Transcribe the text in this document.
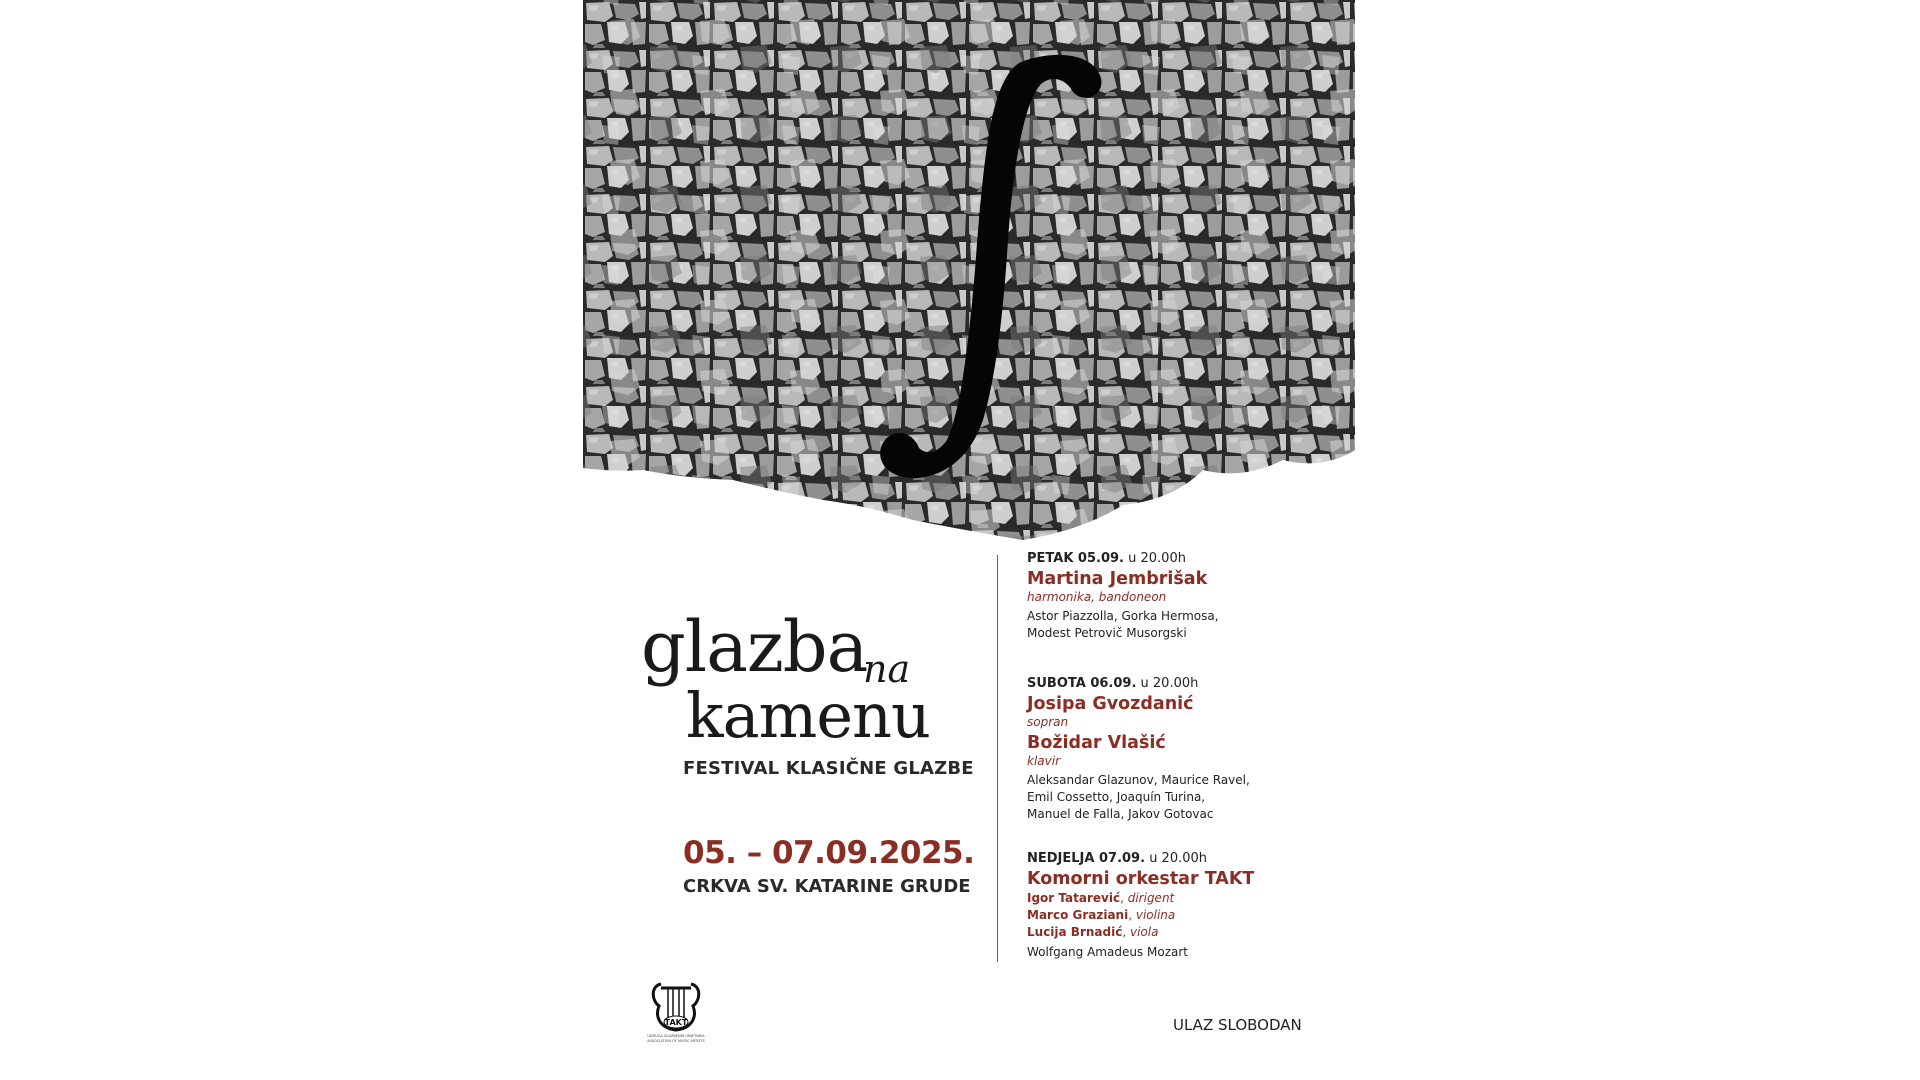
glazba
na
kamenu
FESTIVAL KLASIČNE GLAZBE
05. – 07.09.2025.
CRKVA SV. KATARINE GRUDE
PETAK 05.09. u 20.00h
Martina Jembrišak
harmonika, bandoneon
Astor Piazzolla, Gorka Hermosa,
Modest Petrovič Musorgski
SUBOTA 06.09. u 20.00h
Josipa Gvozdanić
sopran
Božidar Vlašić
klavir
Aleksandar Glazunov, Maurice Ravel,
Emil Cossetto, Joaquín Turina,
Manuel de Falla, Jakov Gotovac
NEDJELJA 07.09. u 20.00h
Komorni orkestar TAKT
Igor Tatarević, dirigent
Marco Graziani, violina
Lucija Brnadić, viola
Wolfgang Amadeus Mozart
TAKT
UDRUGA GLAZBENIH UMJETNIKA
ASSOCIATION OF MUSIC ARTISTS
ULAZ SLOBODAN
